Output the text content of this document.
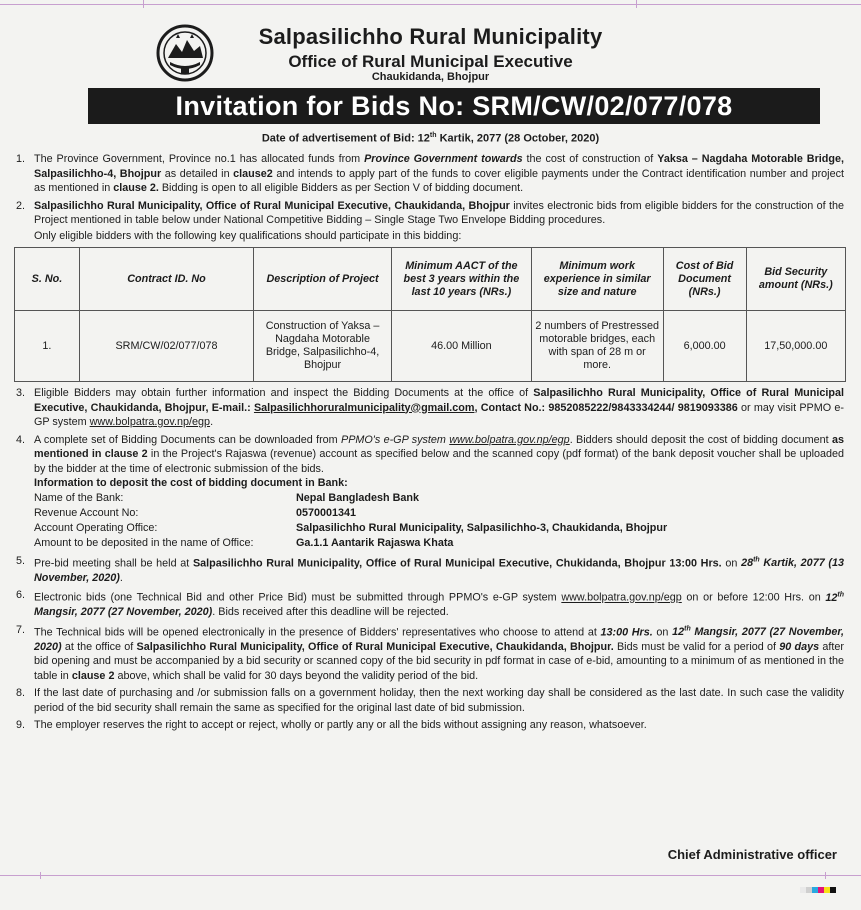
Salpasilichho Rural Municipality
Office of Rural Municipal Executive
Chaukidanda, Bhojpur
Invitation for Bids No: SRM/CW/02/077/078
Date of advertisement of Bid: 12th Kartik, 2077 (28 October, 2020)
1. The Province Government, Province no.1 has allocated funds from Province Government towards the cost of construction of Yaksa – Nagdaha Motorable Bridge, Salpasilichho-4, Bhojpur as detailed in clause2 and intends to apply part of the funds to cover eligible payments under the Contract identification number and project as mentioned in clause 2. Bidding is open to all eligible Bidders as per Section V of bidding document.
2. Salpasilichho Rural Municipality, Office of Rural Municipal Executive, Chaukidanda, Bhojpur invites electronic bids from eligible bidders for the construction of the Project mentioned in table below under National Competitive Bidding – Single Stage Two Envelope Bidding procedures.
Only eligible bidders with the following key qualifications should participate in this bidding:
S. No.	Contract ID. No	Description of Project	Minimum AACT of the best 3 years within the last 10 years (NRs.)	Minimum work experience in similar size and nature	Cost of Bid Document (NRs.)	Bid Security amount (NRs.)
1.	SRM/CW/02/077/078	Construction of Yaksa – Nagdaha Motorable Bridge, Salpasilichho-4, Bhojpur	46.00 Million	2 numbers of Prestressed motorable bridges, each with span of 28 m or more.	6,000.00	17,50,000.00
3. Eligible Bidders may obtain further information and inspect the Bidding Documents at the office of Salpasilichho Rural Municipality, Office of Rural Municipal Executive, Chaukidanda, Bhojpur, E-mail.: Salpasilichhoruralmunicipality@gmail.com, Contact No.: 9852085222/9843334244/ 9819093386 or may visit PPMO e-GP system www.bolpatra.gov.np/egp.
4. A complete set of Bidding Documents can be downloaded from PPMO's e-GP system www.bolpatra.gov.np/egp. Bidders should deposit the cost of bidding document as mentioned in clause 2 in the Project's Rajaswa (revenue) account as specified below and the scanned copy (pdf format) of the bank deposit voucher shall be uploaded by the bidder at the time of electronic submission of the bids.
Information to deposit the cost of bidding document in Bank:
Name of the Bank:	Nepal Bangladesh Bank
Revenue Account No:	0570001341
Account Operating Office:	Salpasilichho Rural Municipality, Salpasilichho-3, Chaukidanda, Bhojpur
Amount to be deposited in the name of Office:	Ga.1.1 Aantarik Rajaswa Khata
5. Pre-bid meeting shall be held at Salpasilichho Rural Municipality, Office of Rural Municipal Executive, Chukidanda, Bhojpur 13:00 Hrs. on 28th Kartik, 2077 (13 November, 2020).
6. Electronic bids (one Technical Bid and other Price Bid) must be submitted through PPMO's e-GP system www.bolpatra.gov.np/egp on or before 12:00 Hrs. on 12th Mangsir, 2077 (27 November, 2020). Bids received after this deadline will be rejected.
7. The Technical bids will be opened electronically in the presence of Bidders' representatives who choose to attend at 13:00 Hrs. on 12th Mangsir, 2077 (27 November, 2020) at the office of Salpasilichho Rural Municipality, Office of Rural Municipal Executive, Chaukidanda, Bhojpur. Bids must be valid for a period of 90 days after bid opening and must be accompanied by a bid security or scanned copy of the bid security in pdf format in case of e-bid, amounting to a minimum of as mentioned in the table in clause 2 above, which shall be valid for 30 days beyond the validity period of the bid.
8. If the last date of purchasing and /or submission falls on a government holiday, then the next working day shall be considered as the last date. In such case the validity period of the bid security shall remain the same as specified for the original last date of bid submission.
9. The employer reserves the right to accept or reject, wholly or partly any or all the bids without assigning any reason, whatsoever.
Chief Administrative officer
